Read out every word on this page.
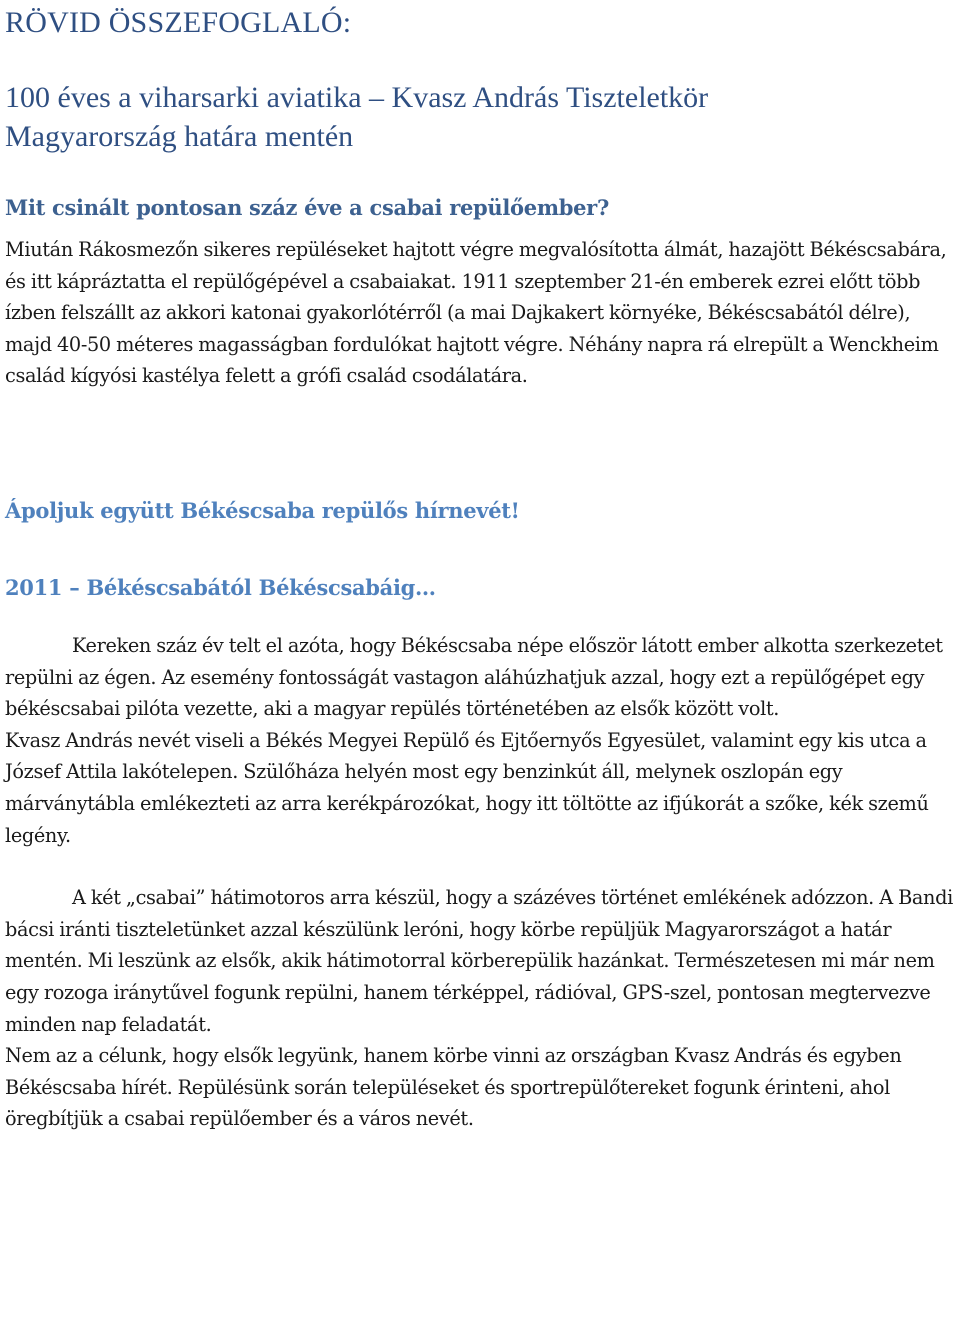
RÖVID ÖSSZEFOGLALÓ:
100 éves a viharsarki aviatika – Kvasz András Tiszteletkör
Magyarország határa mentén
Mit csinált pontosan száz éve a csabai repülőember?

Miután Rákosmezőn sikeres repüléseket hajtott végre megvalósította álmát, hazajött Békéscsabára, és itt kápráztatta el repülőgépével a csabaiakat. 1911 szeptember 21-én emberek ezrei előtt több ízben felszállt az akkori katonai gyakorlótérről (a mai Dajkakert környéke, Békéscsabától délre), majd 40-50 méteres magasságban fordulókat hajtott végre. Néhány napra rá elrepült a Wenckheim család kígyósi kastélya felett a grófi család csodálatára.

Ápoljuk együtt Békéscsaba repülős hírnevét!
2011 – Békéscsabától Békéscsabáig…

Kereken száz év telt el azóta, hogy Békéscsaba népe először látott ember alkotta szerkezetet repülni az égen. Az esemény fontosságát vastagon aláhúzhatjuk azzal, hogy ezt a repülőgépet egy békéscsabai pilóta vezette, aki a magyar repülés történetében az elsők között volt.

Kvasz András nevét viseli a Békés Megyei Repülő és Ejtőernyős Egyesület, valamint egy kis utca a József Attila lakótelepen. Szülőháza helyén most egy benzinkút áll, melynek oszlopán egy márványtábla emlékezteti az arra kerékpározókat, hogy itt töltötte az ifjúkorát a szőke, kék szemű legény.

A két „csabai” hátimotoros arra készül, hogy a százéves történet emlékének adózzon. A Bandi bácsi iránti tiszteletünket azzal készülünk leróni, hogy körbe repüljük Magyarországot a határ mentén. Mi leszünk az elsők, akik hátimotorral körberepülik hazánkat. Természetesen mi már nem egy rozoga iránytűvel fogunk repülni, hanem térképpel, rádióval, GPS-szel, pontosan megtervezve minden nap feladatát.

Nem az a célunk, hogy elsők legyünk, hanem körbe vinni az országban Kvasz András és egyben Békéscsaba hírét. Repülésünk során településeket és sportrepülőtereket fogunk érinteni, ahol öregbítjük a csabai repülőember és a város nevét.
